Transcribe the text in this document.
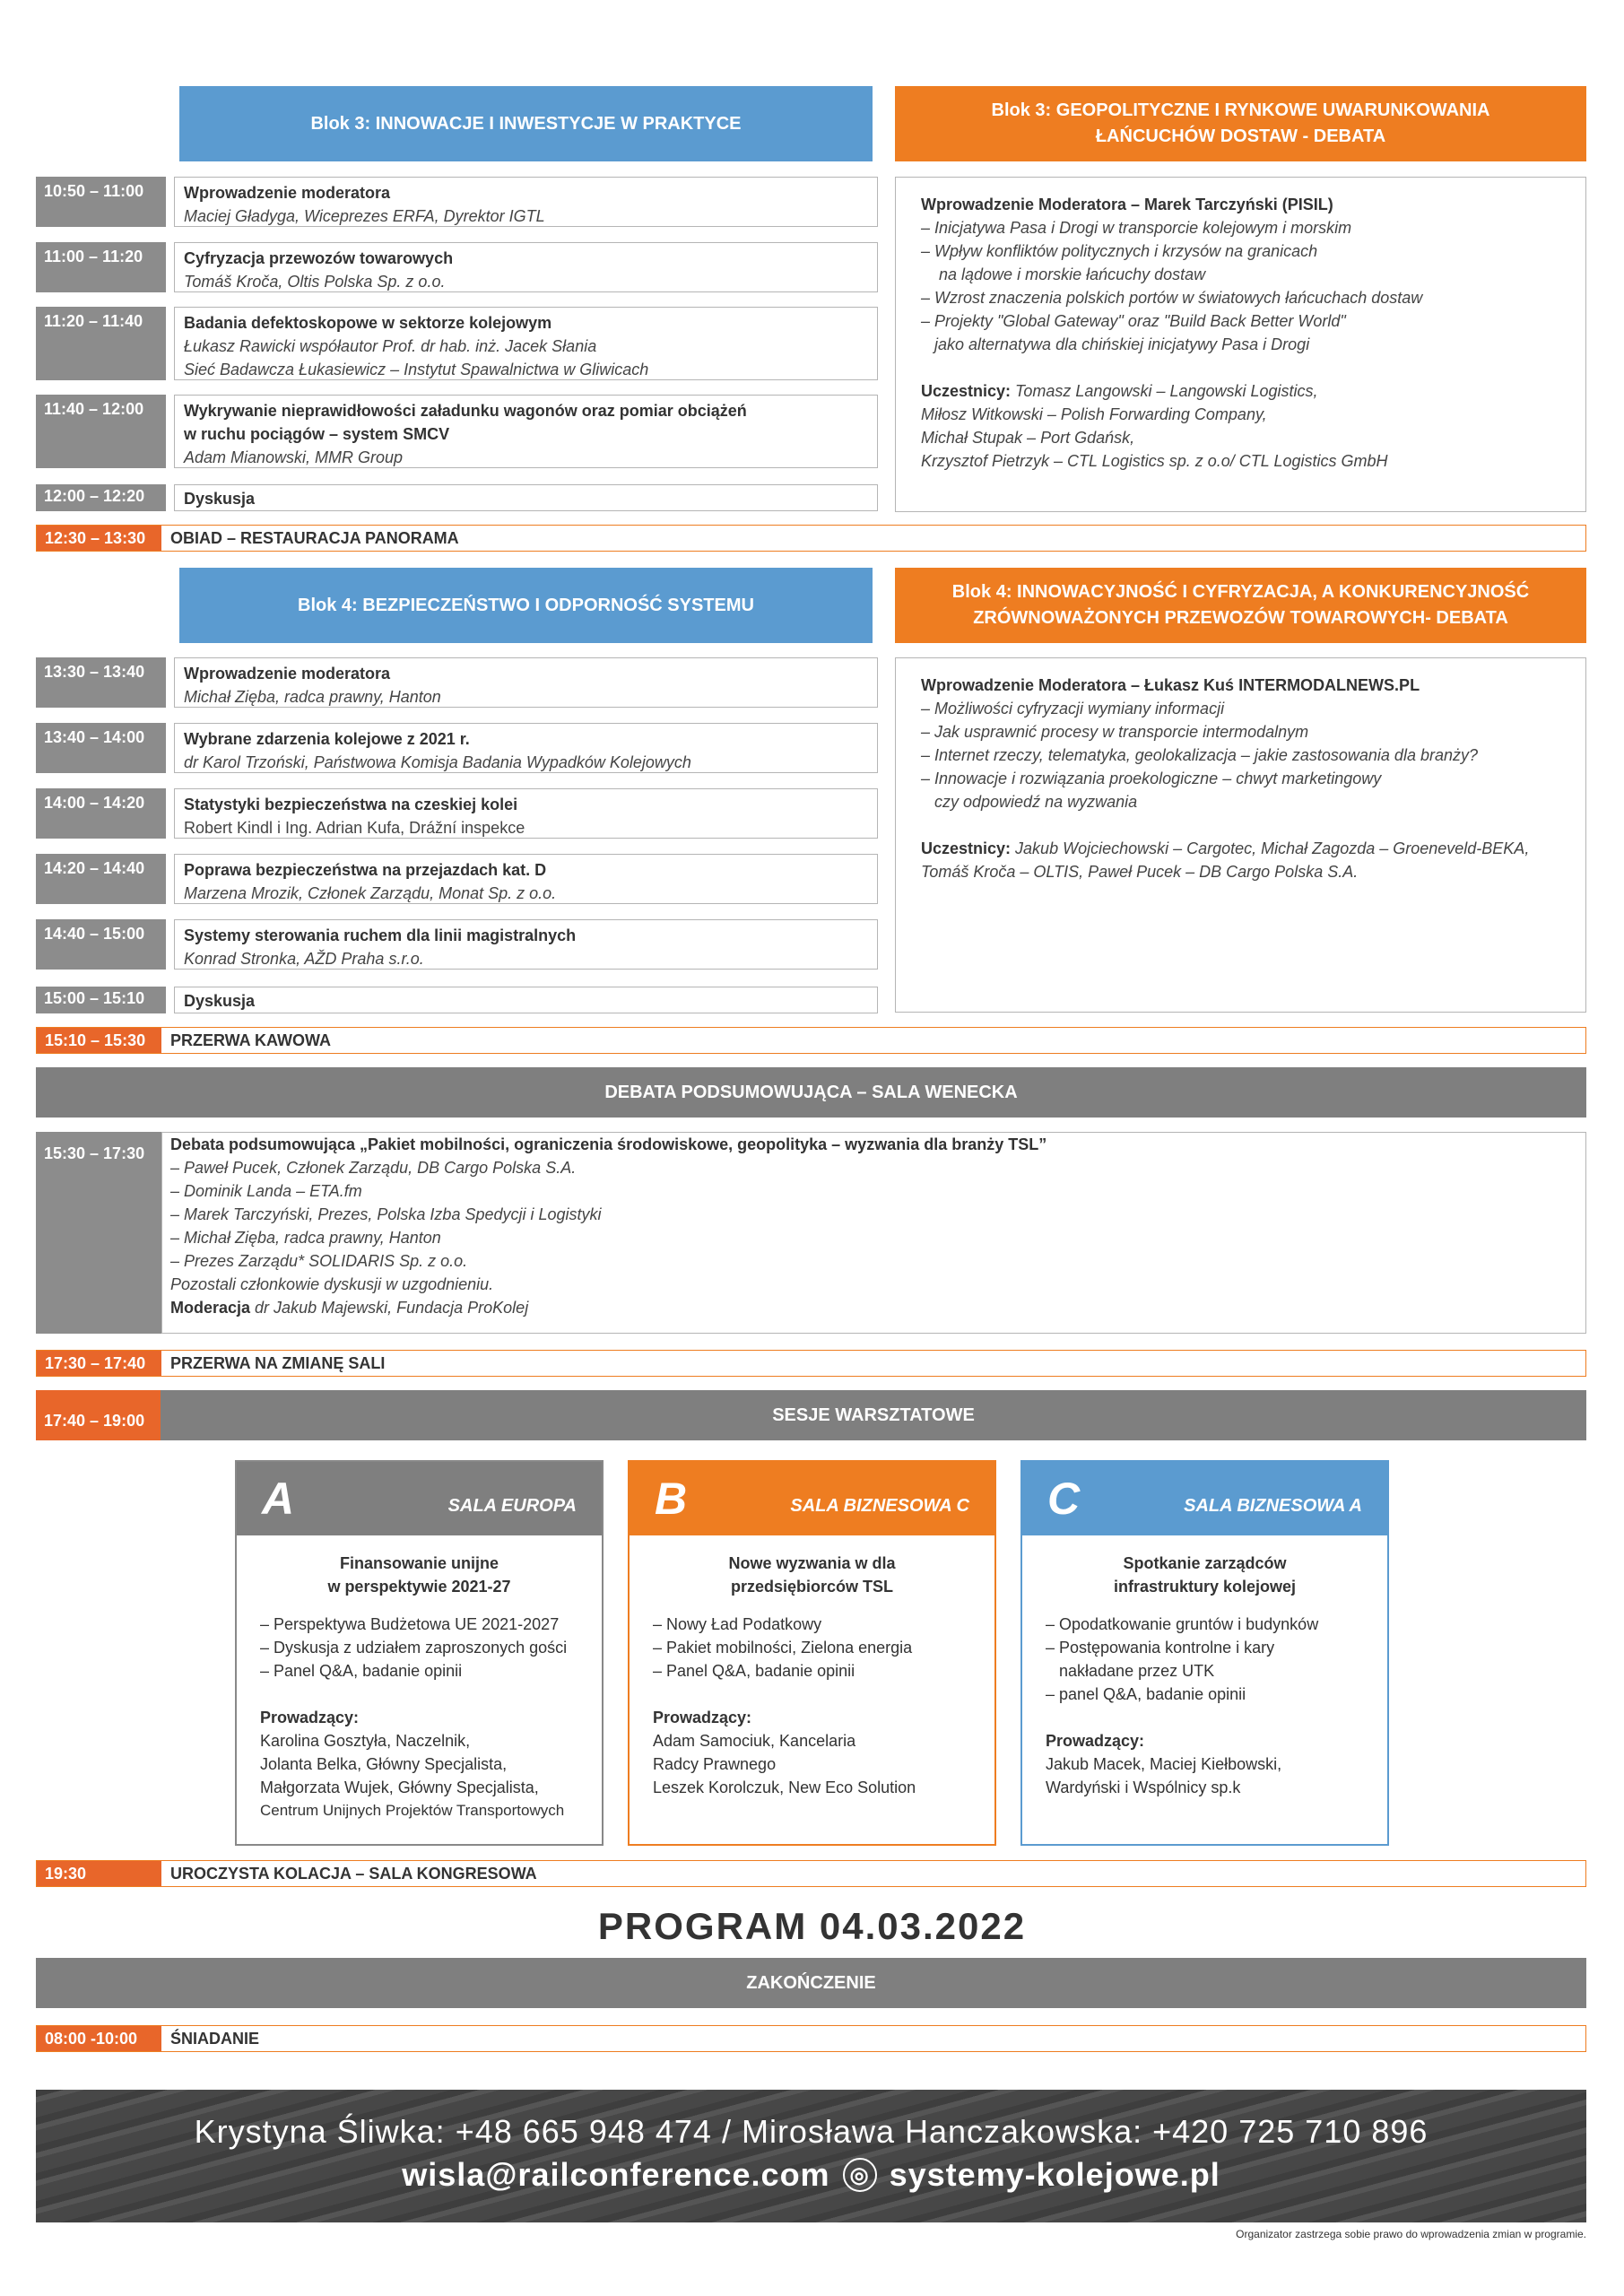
Blok 3: INNOWACJE I INWESTYCJE W PRAKTYCE
10:50 – 11:00	Wprowadzenie moderatora
Maciej Gładyga, Wiceprezes ERFA, Dyrektor IGTL
11:00 – 11:20	Cyfryzacja przewozów towarowych
Tomáš Kroča, Oltis Polska Sp. z o.o.
11:20 – 11:40	Badania defektoskopowe w sektorze kolejowym
Łukasz Rawicki współautor Prof. dr hab. inż. Jacek Słania
Sieć Badawcza Łukasiewicz – Instytut Spawalnictwa w Gliwicach
11:40 – 12:00	Wykrywanie nieprawidłowości załadunku wagonów oraz pomiar obciążeń
w ruchu pociągów – system SMCV
Adam Mianowski, MMR Group
12:00 – 12:20	Dyskusja
Blok 3: GEOPOLITYCZNE I RYNKOWE UWARUNKOWANIA ŁAŃCUCHÓW DOSTAW - DEBATA
Wprowadzenie Moderatora – Marek Tarczyński (PISIL)
– Inicjatywa Pasa i Drogi w transporcie kolejowym i morskim
– Wpływ konfliktów politycznych i krzysów na granicach
na lądowe i morskie łańcuchy dostaw
– Wzrost znaczenia polskich portów w światowych łańcuchach dostaw
– Projekty "Global Gateway" oraz "Build Back Better World"
jako alternatywa dla chińskiej inicjatywy Pasa i Drogi
Uczestnicy: Tomasz Langowski – Langowski Logistics,
Miłosz Witkowski – Polish Forwarding Company,
Michał Stupak – Port Gdańsk,
Krzysztof Pietrzyk – CTL Logistics sp. z o.o/ CTL Logistics GmbH
12:30 – 13:30	OBIAD – RESTAURACJA PANORAMA
Blok 4: BEZPIECZEŃSTWO I ODPORNOŚĆ SYSTEMU
13:30 – 13:40	Wprowadzenie moderatora
Michał Zięba, radca prawny, Hanton
13:40 – 14:00	Wybrane zdarzenia kolejowe z 2021 r.
dr Karol Trzoński, Państwowa Komisja Badania Wypadków Kolejowych
14:00 – 14:20	Statystyki bezpieczeństwa na czeskiej kolei
Robert Kindl i Ing. Adrian Kufa, Drážní inspekce
14:20 – 14:40	Poprawa bezpieczeństwa na przejazdach kat. D
Marzena Mrozik, Członek Zarządu, Monat Sp. z o.o.
14:40 – 15:00	Systemy sterowania ruchem dla linii magistralnych
Konrad Stronka, AŽD Praha s.r.o.
15:00 – 15:10	Dyskusja
Blok 4: INNOWACYJNOŚĆ I CYFRYZACJA, A KONKURENCYJNOŚĆ ZRÓWNOWAŻONYCH PRZEWOZÓW TOWAROWYCH- DEBATA
Wprowadzenie Moderatora – Łukasz Kuś INTERMODALNEWS.PL
– Możliwości cyfryzacji wymiany informacji
– Jak usprawnić procesy w transporcie intermodalnym
– Internet rzeczy, telematyka, geolokalizacja – jakie zastosowania dla branży?
– Innowacje i rozwiązania proekologiczne – chwyt marketingowy
czy odpowiedź na wyzwania
Uczestnicy: Jakub Wojciechowski – Cargotec, Michał Zagozda – Groeneveld-BEKA,
Tomáš Kroča – OLTIS, Paweł Pucek – DB Cargo Polska S.A.
15:10 – 15:30	PRZERWA KAWOWA
DEBATA PODSUMOWUJĄCA – SALA WENECKA
15:30 – 17:30	Debata podsumowująca „Pakiet mobilności, ograniczenia środowiskowe, geopolityka – wyzwania dla branży TSL”
– Paweł Pucek, Członek Zarządu, DB Cargo Polska S.A.
– Dominik Landa – ETA.fm
– Marek Tarczyński, Prezes, Polska Izba Spedycji i Logistyki
– Michał Zięba, radca prawny, Hanton
– Prezes Zarządu* SOLIDARIS Sp. z o.o.
Pozostali członkowie dyskusji w uzgodnieniu.
Moderacja dr Jakub Majewski, Fundacja ProKolej
17:30 – 17:40	PRZERWA NA ZMIANĘ SALI
17:40 – 19:00	SESJE WARSZTATOWE
A	SALA EUROPA
Finansowanie unijne
w perspektywie 2021-27
– Perspektywa Budżetowa UE 2021-2027
– Dyskusja z udziałem zaproszonych gości
– Panel Q&A, badanie opinii
Prowadzący:
Karolina Gosztyła, Naczelnik,
Jolanta Belka, Główny Specjalista,
Małgorzata Wujek, Główny Specjalista,
Centrum Unijnych Projektów Transportowych
B	SALA BIZNESOWA C
Nowe wyzwania w dla
przedsiębiorców TSL
– Nowy Ład Podatkowy
– Pakiet mobilności, Zielona energia
– Panel Q&A, badanie opinii
Prowadzący:
Adam Samociuk, Kancelaria
Radcy Prawnego
Leszek Korolczuk, New Eco Solution
C	SALA BIZNESOWA A
Spotkanie zarządców
infrastruktury kolejowej
– Opodatkowanie gruntów i budynków
– Postępowania kontrolne i kary
nakładane przez UTK
– panel Q&A, badanie opinii
Prowadzący:
Jakub Macek, Maciej Kiełbowski,
Wardyński i Wspólnicy sp.k
19:30	UROCZYSTA KOLACJA – SALA KONGRESOWA
PROGRAM 04.03.2022
ZAKOŃCZENIE
08:00 -10:00	ŚNIADANIE
Krystyna Śliwka: +48 665 948 474 / Mirosława Hanczakowska: +420 725 710 896
wisla@railconference.com ◎ systemy-kolejowe.pl
Organizator zastrzega sobie prawo do wprowadzenia zmian w programie.
